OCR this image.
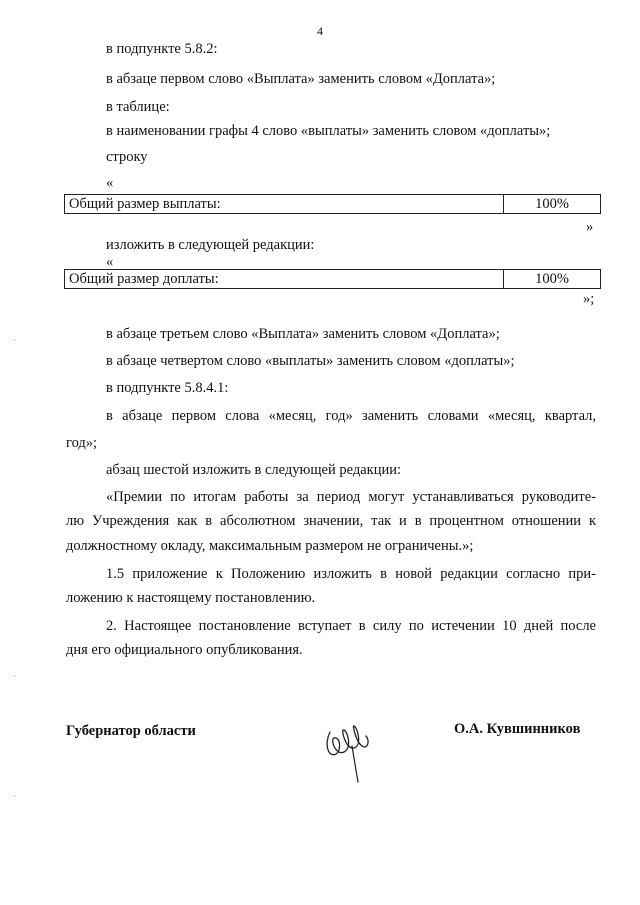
4
в подпункте 5.8.2:
в абзаце первом слово «Выплата» заменить словом «Доплата»;
в таблице:
в наименовании графы 4 слово «выплаты» заменить словом «доплаты»;
строку
«
Общий размер выплаты:	100%
»
изложить в следующей редакции:
«
Общий размер доплаты:	100%
»;
в абзаце третьем слово «Выплата» заменить словом «Доплата»;
в абзаце четвертом слово «выплаты» заменить словом «доплаты»;
в подпункте 5.8.4.1:
в абзаце первом слова «месяц, год» заменить словами «месяц, квартал,
год»;
абзац шестой изложить в следующей редакции:
«Премии по итогам работы за период могут устанавливаться руководите-
лю Учреждения как в абсолютном значении, так и в процентном отношении к
должностному окладу, максимальным размером не ограничены.»;
1.5 приложение к Положению изложить в новой редакции согласно при-
ложению к настоящему постановлению.
2. Настоящее постановление вступает в силу по истечении 10 дней после
дня его официального опубликования.
Губернатор области	О.А. Кувшинников
